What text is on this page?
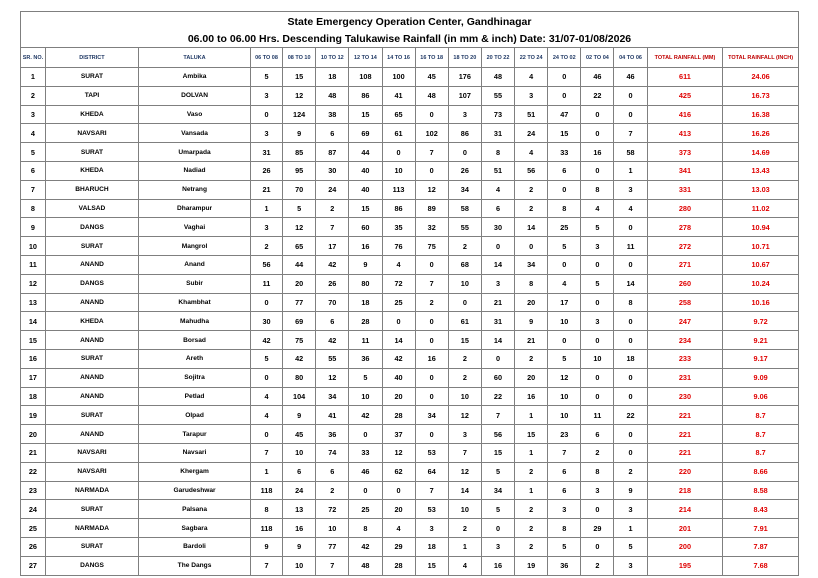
State Emergency Operation Center, Gandhinagar																
06.00 to 06.00 Hrs. Descending Talukawise Rainfall (in mm & inch) Date: 31/07-01/08/2026																
SR. NO.	DISTRICT	TALUKA	06 TO 08	08 TO 10	10 TO 12	12 TO 14	14 TO 16	16 TO 18	18 TO 20	20 TO 22	22 TO 24	24 TO 02	02 TO 04	04 TO 06	TOTAL RAINFALL (MM)	TOTAL RAINFALL (INCH)
1	SURAT	Ambika	5	15	18	108	100	45	176	48	4	0	46	46	611	24.06
2	TAPI	DOLVAN	3	12	48	86	41	48	107	55	3	0	22	0	425	16.73
3	KHEDA	Vaso	0	124	38	15	65	0	3	73	51	47	0	0	416	16.38
4	NAVSARI	Vansada	3	9	6	69	61	102	86	31	24	15	0	7	413	16.26
5	SURAT	Umarpada	31	85	87	44	0	7	0	8	4	33	16	58	373	14.69
6	KHEDA	Nadiad	26	95	30	40	10	0	26	51	56	6	0	1	341	13.43
7	BHARUCH	Netrang	21	70	24	40	113	12	34	4	2	0	8	3	331	13.03
8	VALSAD	Dharampur	1	5	2	15	86	89	58	6	2	8	4	4	280	11.02
9	DANGS	Vaghai	3	12	7	60	35	32	55	30	14	25	5	0	278	10.94
10	SURAT	Mangrol	2	65	17	16	76	75	2	0	0	5	3	11	272	10.71
11	ANAND	Anand	56	44	42	9	4	0	68	14	34	0	0	0	271	10.67
12	DANGS	Subir	11	20	26	80	72	7	10	3	8	4	5	14	260	10.24
13	ANAND	Khambhat	0	77	70	18	25	2	0	21	20	17	0	8	258	10.16
14	KHEDA	Mahudha	30	69	6	28	0	0	61	31	9	10	3	0	247	9.72
15	ANAND	Borsad	42	75	42	11	14	0	15	14	21	0	0	0	234	9.21
16	SURAT	Areth	5	42	55	36	42	16	2	0	2	5	10	18	233	9.17
17	ANAND	Sojitra	0	80	12	5	40	0	2	60	20	12	0	0	231	9.09
18	ANAND	Petlad	4	104	34	10	20	0	10	22	16	10	0	0	230	9.06
19	SURAT	Olpad	4	9	41	42	28	34	12	7	1	10	11	22	221	8.7
20	ANAND	Tarapur	0	45	36	0	37	0	3	56	15	23	6	0	221	8.7
21	NAVSARI	Navsari	7	10	74	33	12	53	7	15	1	7	2	0	221	8.7
22	NAVSARI	Khergam	1	6	6	46	62	64	12	5	2	6	8	2	220	8.66
23	NARMADA	Garudeshwar	118	24	2	0	0	7	14	34	1	6	3	9	218	8.58
24	SURAT	Palsana	8	13	72	25	20	53	10	5	2	3	0	3	214	8.43
25	NARMADA	Sagbara	118	16	10	8	4	3	2	0	2	8	29	1	201	7.91
26	SURAT	Bardoli	9	9	77	42	29	18	1	3	2	5	0	5	200	7.87
27	DANGS	The Dangs	7	10	7	48	28	15	4	16	19	36	2	3	195	7.68
